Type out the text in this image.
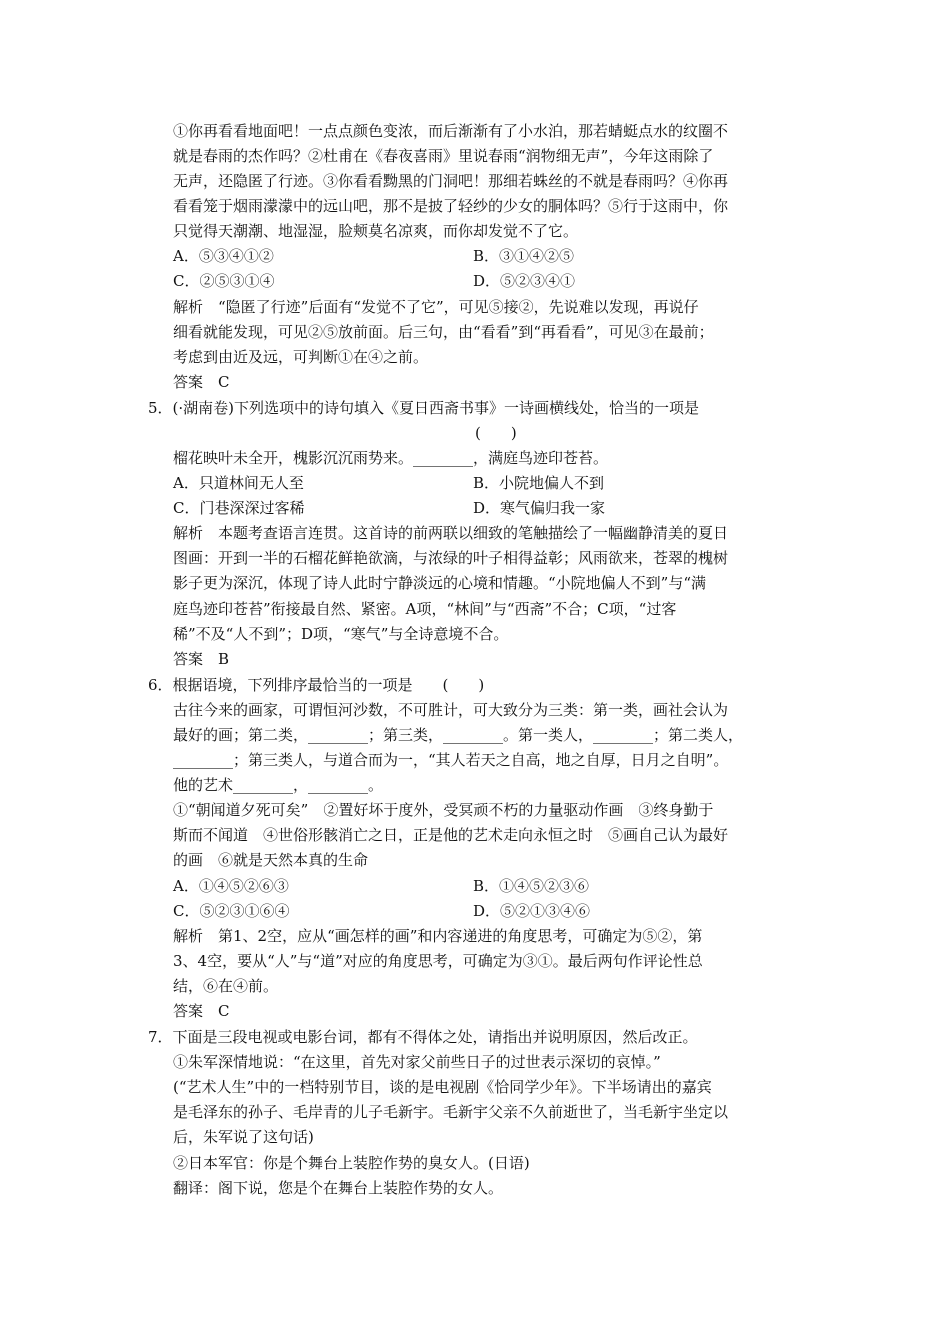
①你再看看地面吧！一点点颜色变浓，而后渐渐有了小水泊，那若蜻蜓点水的纹圈不
就是春雨的杰作吗？②杜甫在《春夜喜雨》里说春雨“润物细无声”，今年这雨除了
无声，还隐匿了行迹。③你看看黝黑的门洞吧！那细若蛛丝的不就是春雨吗？④你再
看看笼于烟雨濛濛中的远山吧，那不是披了轻纱的少女的胴体吗？⑤行于这雨中，你
只觉得天潮潮、地湿湿，脸颊莫名凉爽，而你却发觉不了它。
A．⑤③④①②	B．③①④②⑤
C．②⑤③①④	D．⑤②③④①
解析　“隐匿了行迹”后面有“发觉不了它”，可见⑤接②，先说难以发现，再说仔
细看就能发现，可见②⑤放前面。后三句，由“看看”到“再看看”，可见③在最前；
考虑到由近及远，可判断①在④之前。
答案　C
5．(·湖南卷)下列选项中的诗句填入《夏日西斋书事》一诗画横线处，恰当的一项是
(　　)
榴花映叶未全开，槐影沉沉雨势来。________，满庭鸟迹印苍苔。
A．只道林间无人至	B．小院地偏人不到
C．门巷深深过客稀	D．寒气偏归我一家
解析　本题考查语言连贯。这首诗的前两联以细致的笔触描绘了一幅幽静清美的夏日
图画：开到一半的石榴花鲜艳欲滴，与浓绿的叶子相得益彰；风雨欲来，苍翠的槐树
影子更为深沉，体现了诗人此时宁静淡远的心境和情趣。“小院地偏人不到”与“满
庭鸟迹印苍苔”衔接最自然、紧密。A项，“林间”与“西斋”不合；C项，“过客
稀”不及“人不到”；D项，“寒气”与全诗意境不合。
答案　B
6．根据语境，下列排序最恰当的一项是　　(　　)
古往今来的画家，可谓恒河沙数，不可胜计，可大致分为三类：第一类，画社会认为
最好的画；第二类，________；第三类，________。第一类人，________；第二类人，
________；第三类人，与道合而为一，“其人若天之自高，地之自厚，日月之自明”。
他的艺术________，________。
①“朝闻道夕死可矣”　②置好坏于度外，受冥顽不朽的力量驱动作画　③终身勤于
斯而不闻道　④世俗形骸消亡之日，正是他的艺术走向永恒之时　⑤画自己认为最好
的画　⑥就是天然本真的生命
A．①④⑤②⑥③	B．①④⑤②③⑥
C．⑤②③①⑥④	D．⑤②①③④⑥
解析　第1、2空，应从“画怎样的画”和内容递进的角度思考，可确定为⑤②，第
3、4空，要从“人”与“道”对应的角度思考，可确定为③①。最后两句作评论性总
结，⑥在④前。
答案　C
7．下面是三段电视或电影台词，都有不得体之处，请指出并说明原因，然后改正。
①朱军深情地说：“在这里，首先对家父前些日子的过世表示深切的哀悼。”
(“艺术人生”中的一档特别节目，谈的是电视剧《恰同学少年》。下半场请出的嘉宾
是毛泽东的孙子、毛岸青的儿子毛新宇。毛新宇父亲不久前逝世了，当毛新宇坐定以
后，朱军说了这句话)
②日本军官：你是个舞台上装腔作势的臭女人。(日语)
翻译：阁下说，您是个在舞台上装腔作势的女人。
